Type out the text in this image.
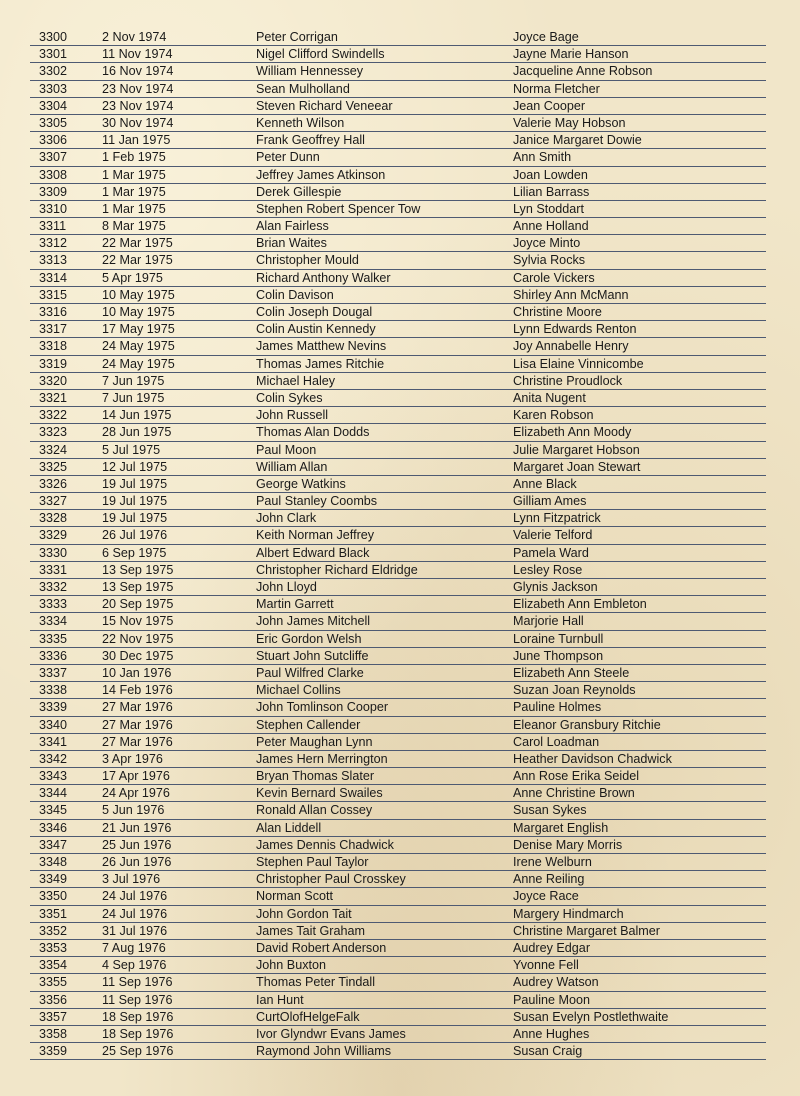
3300	2 Nov 1974	Peter Corrigan	Joyce Bage
3301	11 Nov 1974	Nigel Clifford Swindells	Jayne Marie Hanson
3302	16 Nov 1974	William Hennessey	Jacqueline Anne Robson
3303	23 Nov 1974	Sean Mulholland	Norma Fletcher
3304	23 Nov 1974	Steven Richard Veneear	Jean Cooper
3305	30 Nov 1974	Kenneth Wilson	Valerie May Hobson
3306	11 Jan 1975	Frank Geoffrey Hall	Janice Margaret Dowie
3307	1 Feb 1975	Peter Dunn	Ann Smith
3308	1 Mar 1975	Jeffrey James Atkinson	Joan Lowden
3309	1 Mar 1975	Derek Gillespie	Lilian Barrass
3310	1 Mar 1975	Stephen Robert Spencer Tow	Lyn Stoddart
3311	8 Mar 1975	Alan Fairless	Anne Holland
3312	22 Mar 1975	Brian Waites	Joyce Minto
3313	22 Mar 1975	Christopher Mould	Sylvia Rocks
3314	5 Apr 1975	Richard Anthony Walker	Carole Vickers
3315	10 May 1975	Colin Davison	Shirley Ann McMann
3316	10 May 1975	Colin Joseph Dougal	Christine Moore
3317	17 May 1975	Colin Austin Kennedy	Lynn Edwards Renton
3318	24 May 1975	James Matthew Nevins	Joy Annabelle Henry
3319	24 May 1975	Thomas James Ritchie	Lisa Elaine Vinnicombe
3320	7 Jun 1975	Michael Haley	Christine Proudlock
3321	7 Jun 1975	Colin Sykes	Anita Nugent
3322	14 Jun 1975	John Russell	Karen Robson
3323	28 Jun 1975	Thomas Alan Dodds	Elizabeth Ann Moody
3324	5 Jul 1975	Paul Moon	Julie Margaret Hobson
3325	12 Jul 1975	William Allan	Margaret Joan Stewart
3326	19 Jul 1975	George Watkins	Anne Black
3327	19 Jul 1975	Paul Stanley Coombs	Gilliam Ames
3328	19 Jul 1975	John Clark	Lynn Fitzpatrick
3329	26 Jul 1976	Keith Norman Jeffrey	Valerie Telford
3330	6 Sep 1975	Albert Edward Black	Pamela Ward
3331	13 Sep 1975	Christopher Richard Eldridge	Lesley Rose
3332	13 Sep 1975	John Lloyd	Glynis Jackson
3333	20 Sep 1975	Martin Garrett	Elizabeth Ann Embleton
3334	15 Nov 1975	John James Mitchell	Marjorie Hall
3335	22 Nov 1975	Eric Gordon Welsh	Loraine Turnbull
3336	30 Dec 1975	Stuart John Sutcliffe	June Thompson
3337	10 Jan 1976	Paul Wilfred Clarke	Elizabeth Ann Steele
3338	14 Feb 1976	Michael Collins	Suzan Joan Reynolds
3339	27 Mar 1976	John Tomlinson Cooper	Pauline Holmes
3340	27 Mar 1976	Stephen Callender	Eleanor Gransbury Ritchie
3341	27 Mar 1976	Peter Maughan Lynn	Carol Loadman
3342	3 Apr 1976	James Hern Merrington	Heather Davidson Chadwick
3343	17 Apr 1976	Bryan Thomas Slater	Ann Rose Erika Seidel
3344	24 Apr 1976	Kevin Bernard Swailes	Anne Christine Brown
3345	5 Jun 1976	Ronald Allan Cossey	Susan Sykes
3346	21 Jun 1976	Alan Liddell	Margaret English
3347	25 Jun 1976	James Dennis Chadwick	Denise Mary Morris
3348	26 Jun 1976	Stephen Paul Taylor	Irene Welburn
3349	3 Jul 1976	Christopher Paul Crosskey	Anne Reiling
3350	24 Jul 1976	Norman Scott	Joyce Race
3351	24 Jul 1976	John Gordon Tait	Margery Hindmarch
3352	31 Jul 1976	James Tait Graham	Christine Margaret Balmer
3353	7 Aug 1976	David Robert Anderson	Audrey Edgar
3354	4 Sep 1976	John Buxton	Yvonne Fell
3355	11 Sep 1976	Thomas Peter Tindall	Audrey Watson
3356	11 Sep 1976	Ian Hunt	Pauline Moon
3357	18 Sep 1976	CurtOlofHelgeFalk	Susan Evelyn Postlethwaite
3358	18 Sep 1976	Ivor Glyndwr Evans James	Anne Hughes
3359	25 Sep 1976	Raymond John Williams	Susan Craig
